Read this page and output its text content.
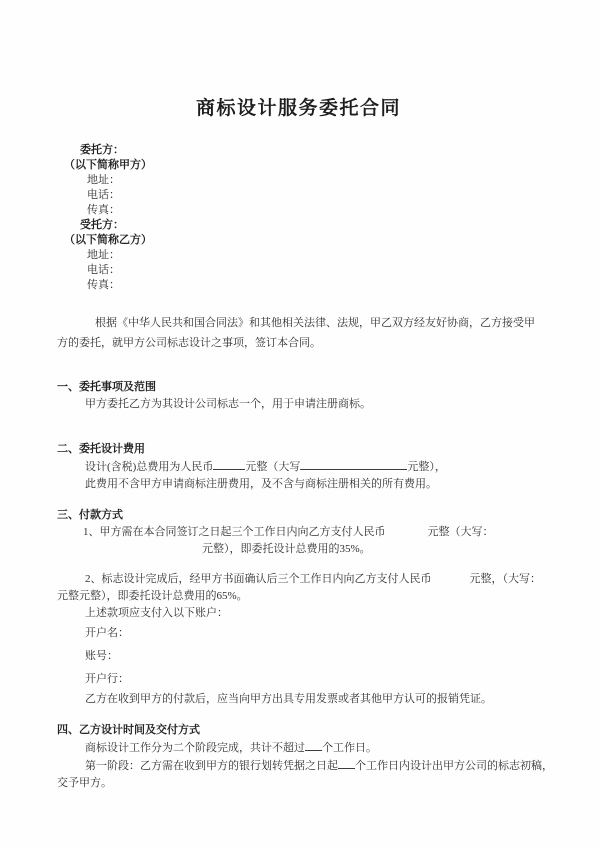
商标设计服务委托合同
委托方：
（以下简称甲方）
地址：
电话：
传真：
受托方：
（以下简称乙方）
地址：
电话：
传真：
根据《中华人民共和国合同法》和其他相关法律、法规，甲乙双方经友好协商，乙方接受甲
方的委托，就甲方公司标志设计之事项，签订本合同。
一、委托事项及范围
甲方委托乙方为其设计公司标志一个，用于申请注册商标。
二、委托设计费用
设计(含税)总费用为人民币	元整（大写	元整），
此费用不含甲方申请商标注册费用，及不含与商标注册相关的所有费用。
三、付款方式
1、甲方需在本合同签订之日起三个工作日内向乙方支付人民币	元整（大写：
元整），即委托设计总费用的35%。
2、标志设计完成后，经甲方书面确认后三个工作日内向乙方支付人民币	元整，（大写：
元整元整），即委托设计总费用的65%。
上述款项应支付入以下账户：
开户名：
账号：
开户行：
乙方在收到甲方的付款后，应当向甲方出具专用发票或者其他甲方认可的报销凭证。
四、乙方设计时间及交付方式
商标设计工作分为二个阶段完成，共计不超过 个工作日。
第一阶段：乙方需在收到甲方的银行划转凭据之日起 个工作日内设计出甲方公司的标志初稿，
交予甲方。
